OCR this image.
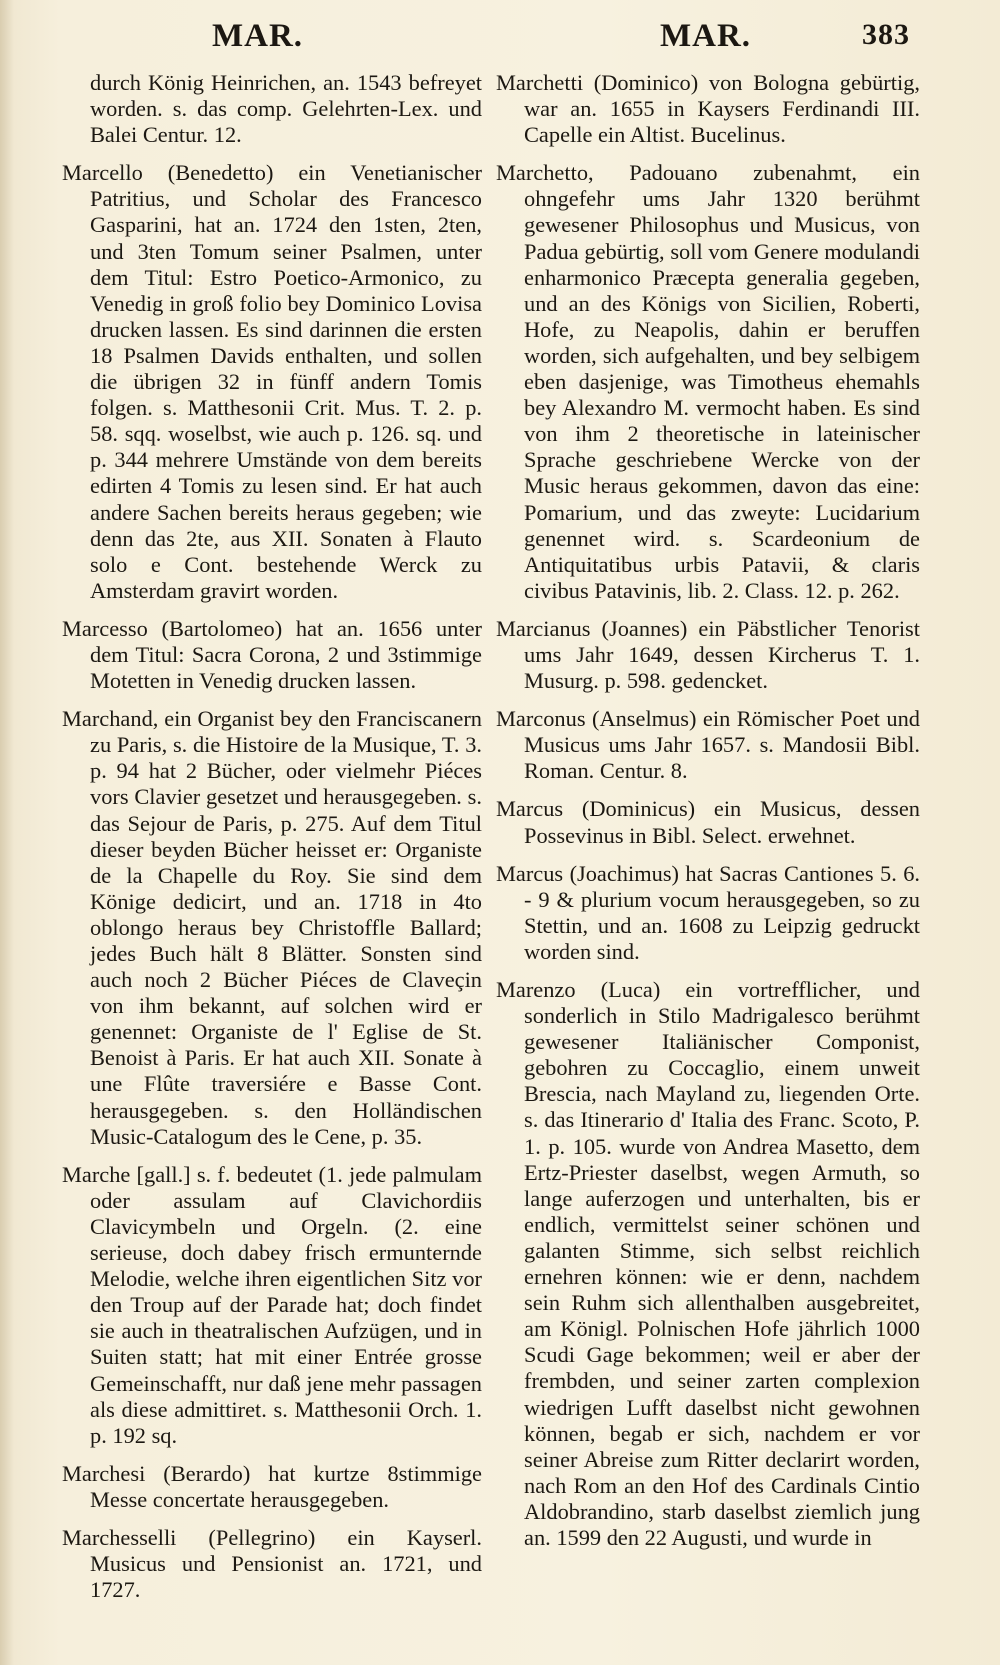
MAR.	MAR.	383

durch König Heinrichen, an. 1543 befreyet worden. s. das comp. Gelehrten-Lex. und Balei Centur. 12.

Marcello (Benedetto) ein Venetianischer Patritius, und Scholar des Francesco Gasparini, hat an. 1724 den 1sten, 2ten, und 3ten Tomum seiner Psalmen, unter dem Titul: Estro Poetico-Armonico, zu Venedig in groß folio bey Dominico Lovisa drucken lassen. Es sind darinnen die ersten 18 Psalmen Davids enthalten, und sollen die übrigen 32 in fünff andern Tomis folgen. s. Matthesonii Crit. Mus. T. 2. p. 58. sqq. woselbst, wie auch p. 126. sq. und p. 344 mehrere Umstände von dem bereits edirten 4 Tomis zu lesen sind. Er hat auch andere Sachen bereits heraus gegeben; wie denn das 2te, aus XII. Sonaten à Flauto solo e Cont. bestehende Werck zu Amsterdam gravirt worden.

Marcesso (Bartolomeo) hat an. 1656 unter dem Titul: Sacra Corona, 2 und 3stimmige Motetten in Venedig drucken lassen.

Marchand, ein Organist bey den Franciscanern zu Paris, s. die Histoire de la Musique, T. 3. p. 94 hat 2 Bücher, oder vielmehr Piéces vors Clavier gesetzet und herausgegeben. s. das Sejour de Paris, p. 275. Auf dem Titul dieser beyden Bücher heisset er: Organiste de la Chapelle du Roy. Sie sind dem Könige dedicirt, und an. 1718 in 4to oblongo heraus bey Christoffle Ballard; jedes Buch hält 8 Blätter. Sonsten sind auch noch 2 Bücher Piéces de Claveçin von ihm bekannt, auf solchen wird er genennet: Organiste de l' Eglise de St. Benoist à Paris. Er hat auch XII. Sonate à une Flûte traversiére e Basse Cont. herausgegeben. s. den Holländischen Music-Catalogum des le Cene, p. 35.

Marche [gall.] s. f. bedeutet (1. jede palmulam oder assulam auf Clavichordiis Clavicymbeln und Orgeln. (2. eine serieuse, doch dabey frisch ermunternde Melodie, welche ihren eigentlichen Sitz vor den Troup auf der Parade hat; doch findet sie auch in theatralischen Aufzügen, und in Suiten statt; hat mit einer Entrée grosse Gemeinschafft, nur daß jene mehr passagen als diese admittiret. s. Matthesonii Orch. 1. p. 192 sq.

Marchesi (Berardo) hat kurtze 8stimmige Messe concertate herausgegeben.

Marchesselli (Pellegrino) ein Kayserl. Musicus und Pensionist an. 1721, und 1727.

Marchetti (Dominico) von Bologna gebürtig, war an. 1655 in Kaysers Ferdinandi III. Capelle ein Altist. Bucelinus.

Marchetto, Padouano zubenahmt, ein ohngefehr ums Jahr 1320 berühmt gewesener Philosophus und Musicus, von Padua gebürtig, soll vom Genere modulandi enharmonico Præcepta generalia gegeben, und an des Königs von Sicilien, Roberti, Hofe, zu Neapolis, dahin er beruffen worden, sich aufgehalten, und bey selbigem eben dasjenige, was Timotheus ehemahls bey Alexandro M. vermocht haben. Es sind von ihm 2 theoretische in lateinischer Sprache geschriebene Wercke von der Music heraus gekommen, davon das eine: Pomarium, und das zweyte: Lucidarium genennet wird. s. Scardeonium de Antiquitatibus urbis Patavii, & claris civibus Patavinis, lib. 2. Class. 12. p. 262.

Marcianus (Joannes) ein Päbstlicher Tenorist ums Jahr 1649, dessen Kircherus T. 1. Musurg. p. 598. gedencket.

Marconus (Anselmus) ein Römischer Poet und Musicus ums Jahr 1657. s. Mandosii Bibl. Roman. Centur. 8.

Marcus (Dominicus) ein Musicus, dessen Possevinus in Bibl. Select. erwehnet.

Marcus (Joachimus) hat Sacras Cantiones 5. 6. - 9 & plurium vocum herausgegeben, so zu Stettin, und an. 1608 zu Leipzig gedruckt worden sind.

Marenzo (Luca) ein vortrefflicher, und sonderlich in Stilo Madrigalesco berühmt gewesener Italiänischer Componist, gebohren zu Coccaglio, einem unweit Brescia, nach Mayland zu, liegenden Orte. s. das Itinerario d' Italia des Franc. Scoto, P. 1. p. 105. wurde von Andrea Masetto, dem Ertz-Priester daselbst, wegen Armuth, so lange auferzogen und unterhalten, bis er endlich, vermittelst seiner schönen und galanten Stimme, sich selbst reichlich ernehren können: wie er denn, nachdem sein Ruhm sich allenthalben ausgebreitet, am Königl. Polnischen Hofe jährlich 1000 Scudi Gage bekommen; weil er aber der frembden, und seiner zarten complexion wiedrigen Lufft daselbst nicht gewohnen können, begab er sich, nachdem er vor seiner Abreise zum Ritter declarirt worden, nach Rom an den Hof des Cardinals Cintio Aldobrandino, starb daselbst ziemlich jung an. 1599 den 22 Augusti, und wurde in
